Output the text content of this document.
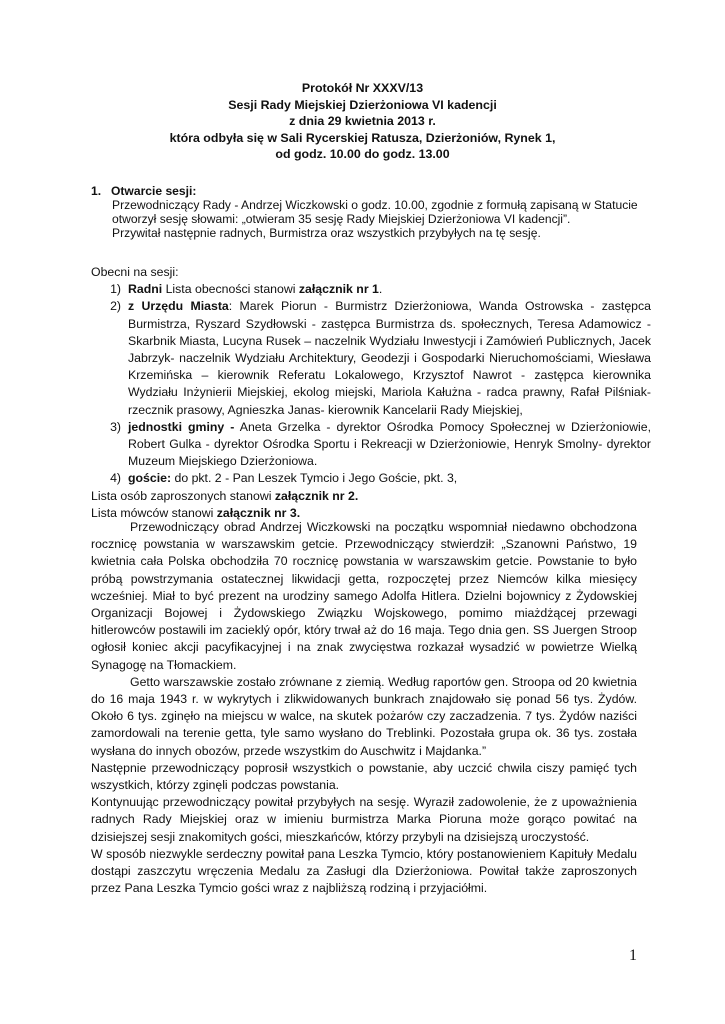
Protokół Nr XXXV/13
Sesji Rady Miejskiej Dzierżoniowa VI kadencji
z dnia 29 kwietnia 2013 r.
która odbyła się w Sali Rycerskiej Ratusza, Dzierżoniów, Rynek 1,
od godz. 10.00 do godz. 13.00
1. Otwarcie sesji:
Przewodniczący Rady - Andrzej Wiczkowski o godz. 10.00, zgodnie z formułą zapisaną w Statucie otworzył sesję słowami: „otwieram 35 sesję Rady Miejskiej Dzierżoniowa VI kadencji”.
Przywitał następnie radnych, Burmistrza oraz wszystkich przybyłych na tę sesję.
Obecni na sesji:
1) Radni Lista obecności stanowi załącznik nr 1.
2) z Urzędu Miasta: Marek Piorun - Burmistrz Dzierżoniowa, Wanda Ostrowska - zastępca Burmistrza, Ryszard Szydłowski - zastępca Burmistrza ds. społecznych, Teresa Adamowicz - Skarbnik Miasta, Lucyna Rusek – naczelnik Wydziału Inwestycji i Zamówień Publicznych, Jacek Jabrzyk- naczelnik Wydziału Architektury, Geodezji i Gospodarki Nieruchomościami, Wiesława Krzemińska – kierownik Referatu Lokalowego, Krzysztof Nawrot - zastępca kierownika Wydziału Inżynierii Miejskiej, ekolog miejski, Mariola Kałużna - radca prawny, Rafał Pilśniak- rzecznik prasowy, Agnieszka Janas- kierownik Kancelarii Rady Miejskiej,
3) jednostki gminy - Aneta Grzelka - dyrektor Ośrodka Pomocy Społecznej w Dzierżoniowie, Robert Gulka - dyrektor Ośrodka Sportu i Rekreacji w Dzierżoniowie, Henryk Smolny- dyrektor Muzeum Miejskiego Dzierżoniowa.
4) goście: do pkt. 2 - Pan Leszek Tymcio i Jego Goście, pkt. 3,
Lista osób zaproszonych stanowi załącznik nr 2.
Lista mówców stanowi załącznik nr 3.

Przewodniczący obrad Andrzej Wiczkowski na początku wspomniał niedawno obchodzona rocznicę powstania w warszawskim getcie. Przewodniczący stwierdził: „Szanowni Państwo, 19 kwietnia cała Polska obchodziła 70 rocznicę powstania w warszawskim getcie. Powstanie to było próbą powstrzymania ostatecznej likwidacji getta, rozpoczętej przez Niemców kilka miesięcy wcześniej. Miał to być prezent na urodziny samego Adolfa Hitlera. Dzielni bojownicy z Żydowskiej Organizacji Bojowej i Żydowskiego Związku Wojskowego, pomimo miażdżącej przewagi hitlerowców postawili im zacieklý opór, który trwał aż do 16 maja. Tego dnia gen. SS Juergen Stroop ogłosił koniec akcji pacyfikacyjnej i na znak zwycięstwa rozkazał wysadzić w powietrze Wielką Synagogę na Tłomackiem.

Getto warszawskie zostało zrównane z ziemią. Według raportów gen. Stroopa od 20 kwietnia do 16 maja 1943 r. w wykrytych i zlikwidowanych bunkrach znajdowało się ponad 56 tys. Żydów. Około 6 tys. zginęło na miejscu w walce, na skutek pożarów czy zaczadzenia. 7 tys. Żydów naziści zamordowali na terenie getta, tyle samo wysłano do Treblinki. Pozostała grupa ok. 36 tys. została wysłana do innych obozów, przede wszystkim do Auschwitz i Majdanka.”

Następnie przewodniczący poprosił wszystkich o powstanie, aby uczcić chwila ciszy pamięć tych wszystkich, którzy zginęli podczas powstania.

Kontynuując przewodniczący powitał przybyłych na sesję. Wyraził zadowolenie, że z upoważnienia radnych Rady Miejskiej oraz w imieniu burmistrza Marka Pioruna może gorąco powitać na dzisiejszej sesji znakomitych gości, mieszkańców, którzy przybyli na dzisiejszą uroczystość.

W sposób niezwykle serdeczny powitał pana Leszka Tymcio, który postanowieniem Kapituły Medalu dostąpi zaszczytu wręczenia Medalu za Zasługi dla Dzierżoniowa. Powitał także zaproszonych przez Pana Leszka Tymcio gości wraz z najbliższą rodziną i przyjaciółmi.

1
